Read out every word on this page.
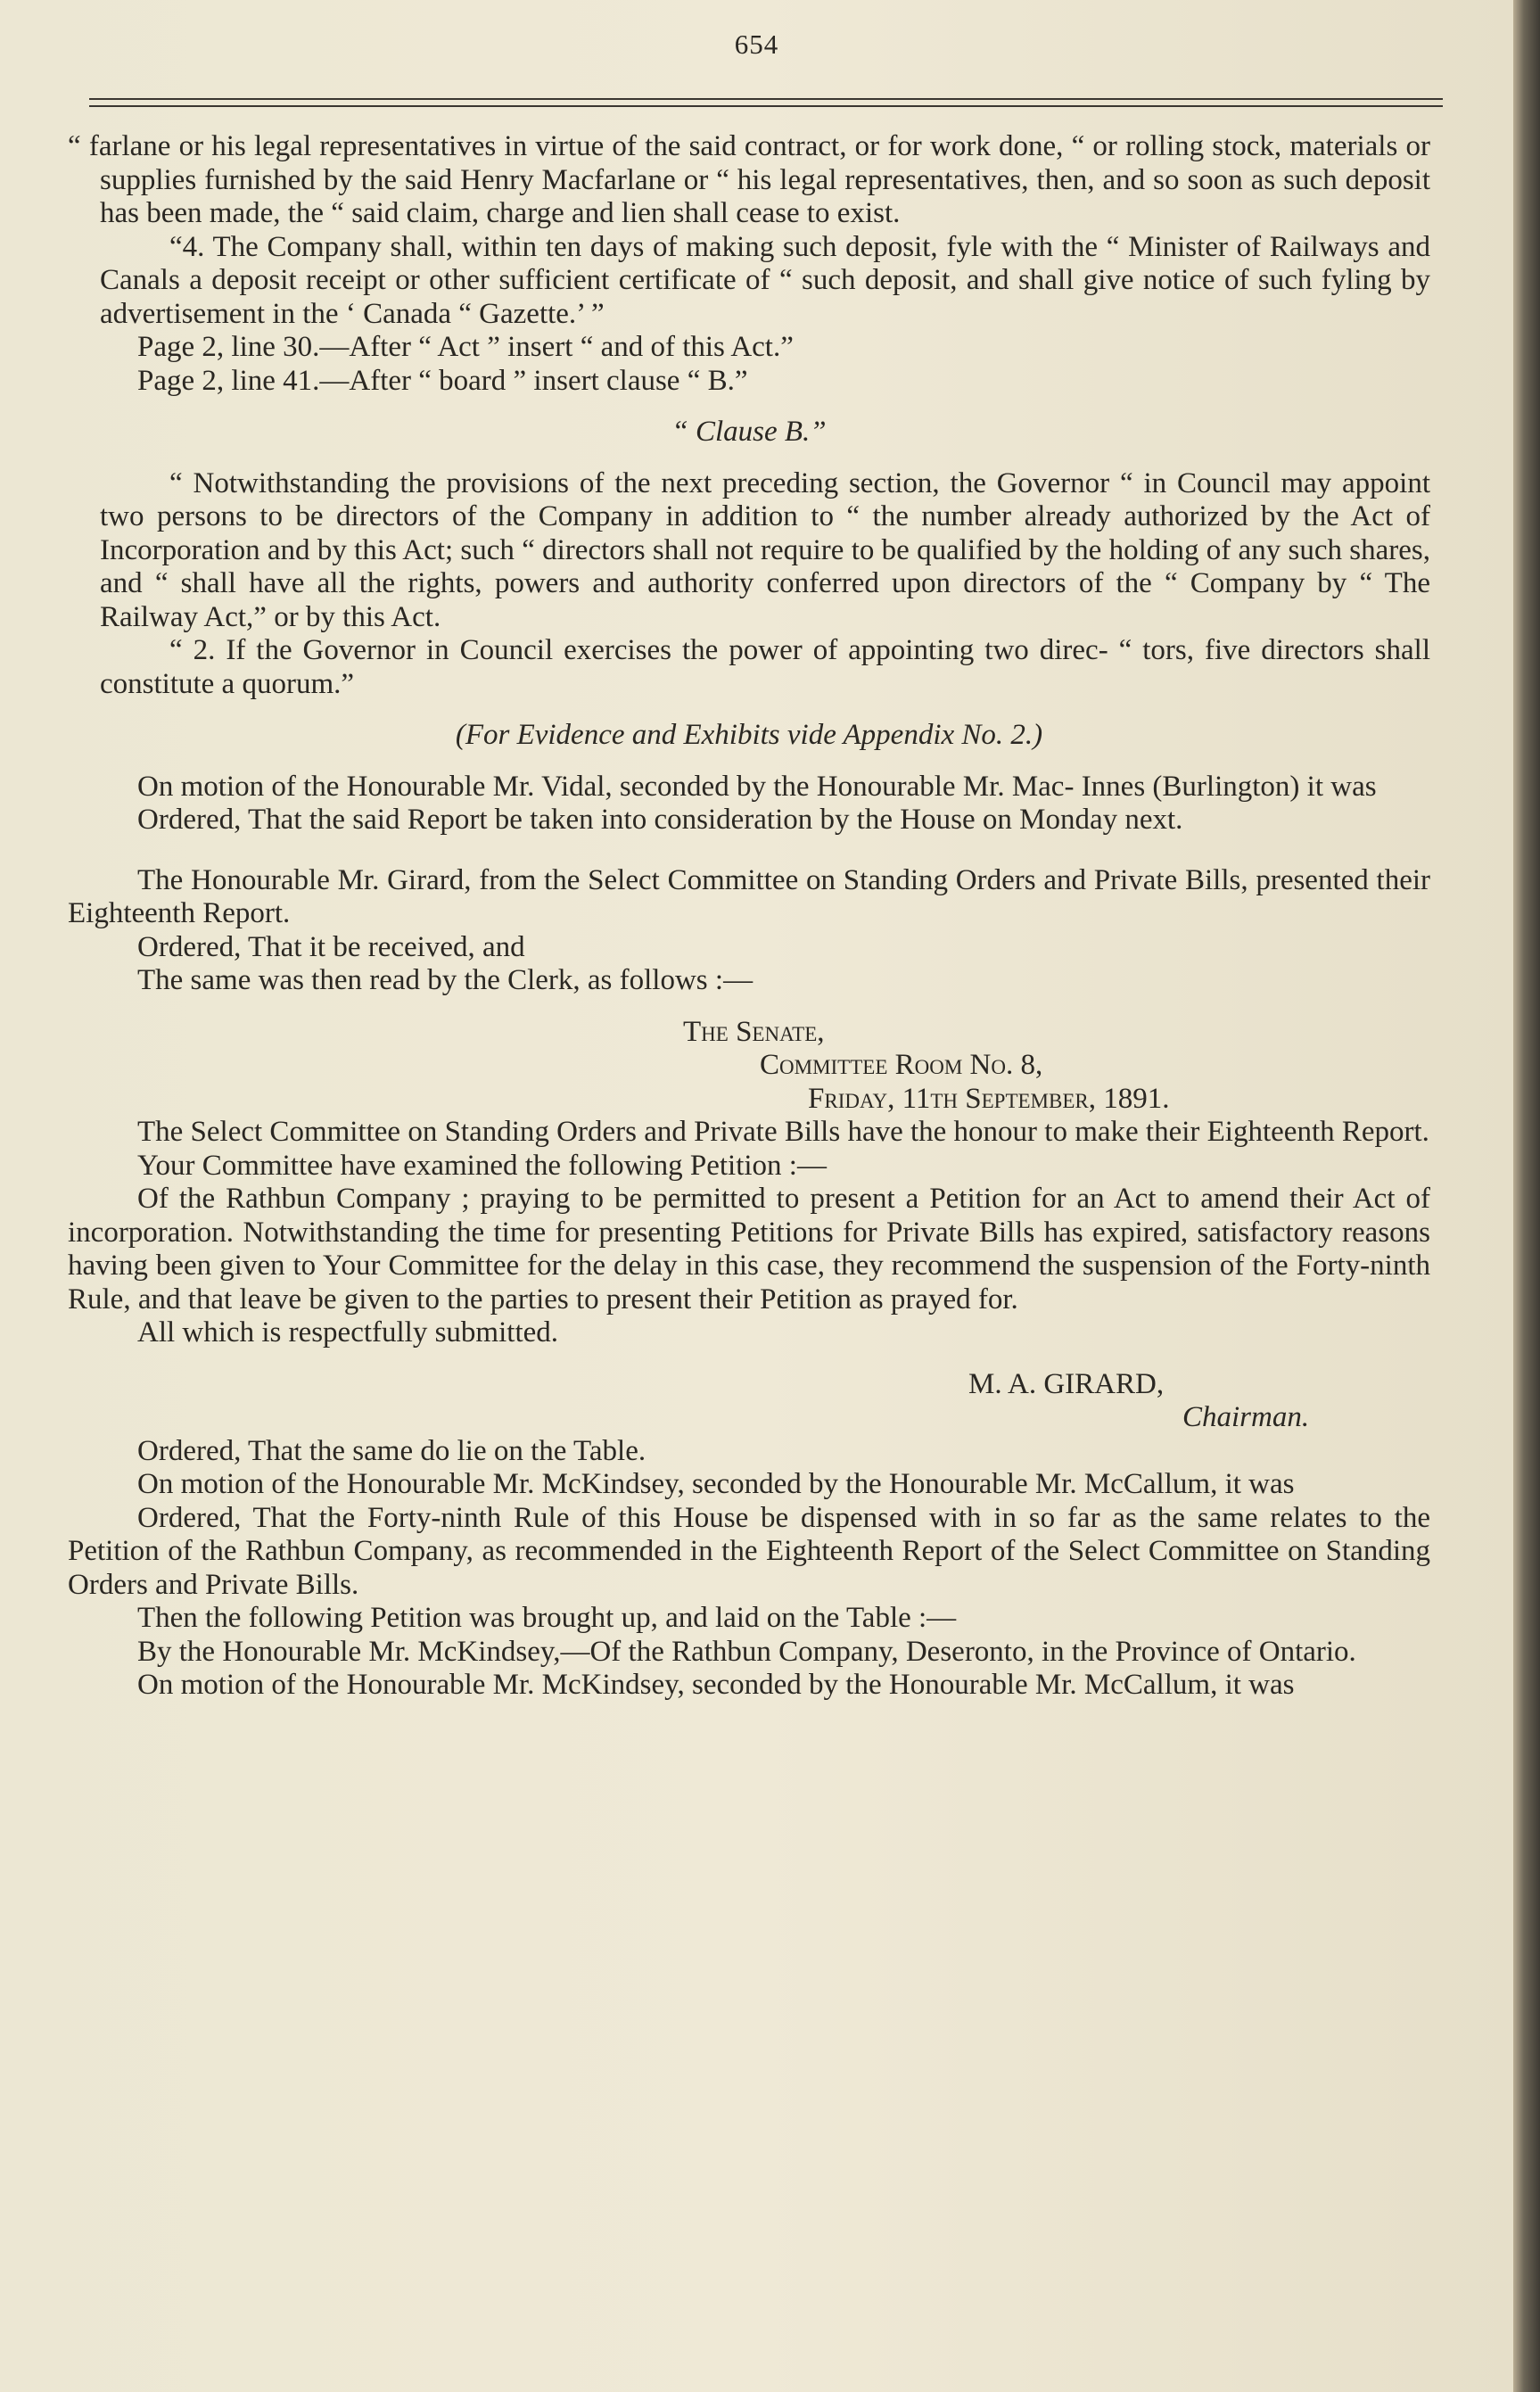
654

“ farlane or his legal representatives in virtue of the said contract, or for work done, “ or rolling stock, materials or supplies furnished by the said Henry Macfarlane or “ his legal representatives, then, and so soon as such deposit has been made, the “ said claim, charge and lien shall cease to exist.

“4. The Company shall, within ten days of making such deposit, fyle with the “ Minister of Railways and Canals a deposit receipt or other sufficient certificate of “ such deposit, and shall give notice of such fyling by advertisement in the ‘ Canada “ Gazette.’ ”

Page 2, line 30.—After “ Act ” insert “ and of this Act.”

Page 2, line 41.—After “ board ” insert clause “ B.”

“ Clause B.”

“ Notwithstanding the provisions of the next preceding section, the Governor “ in Council may appoint two persons to be directors of the Company in addition to “ the number already authorized by the Act of Incorporation and by this Act; such “ directors shall not require to be qualified by the holding of any such shares, and “ shall have all the rights, powers and authority conferred upon directors of the “ Company by “ The Railway Act,” or by this Act.

“ 2. If the Governor in Council exercises the power of appointing two direc- “ tors, five directors shall constitute a quorum.”

(For Evidence and Exhibits vide Appendix No. 2.)

On motion of the Honourable Mr. Vidal, seconded by the Honourable Mr. Mac- Innes (Burlington) it was

Ordered, That the said Report be taken into consideration by the House on Monday next.

The Honourable Mr. Girard, from the Select Committee on Standing Orders and Private Bills, presented their Eighteenth Report.

Ordered, That it be received, and

The same was then read by the Clerk, as follows :—

The Senate,

Committee Room No. 8,

Friday, 11th September, 1891.

The Select Committee on Standing Orders and Private Bills have the honour to make their Eighteenth Report.

Your Committee have examined the following Petition :—

Of the Rathbun Company ; praying to be permitted to present a Petition for an Act to amend their Act of incorporation. Notwithstanding the time for presenting Petitions for Private Bills has expired, satisfactory reasons having been given to Your Committee for the delay in this case, they recommend the suspension of the Forty-ninth Rule, and that leave be given to the parties to present their Petition as prayed for.

All which is respectfully submitted.

M. A. GIRARD,

Chairman.

Ordered, That the same do lie on the Table.

On motion of the Honourable Mr. McKindsey, seconded by the Honourable Mr. McCallum, it was

Ordered, That the Forty-ninth Rule of this House be dispensed with in so far as the same relates to the Petition of the Rathbun Company, as recommended in the Eighteenth Report of the Select Committee on Standing Orders and Private Bills.

Then the following Petition was brought up, and laid on the Table :—

By the Honourable Mr. McKindsey,—Of the Rathbun Company, Deseronto, in the Province of Ontario.

On motion of the Honourable Mr. McKindsey, seconded by the Honourable Mr. McCallum, it was
